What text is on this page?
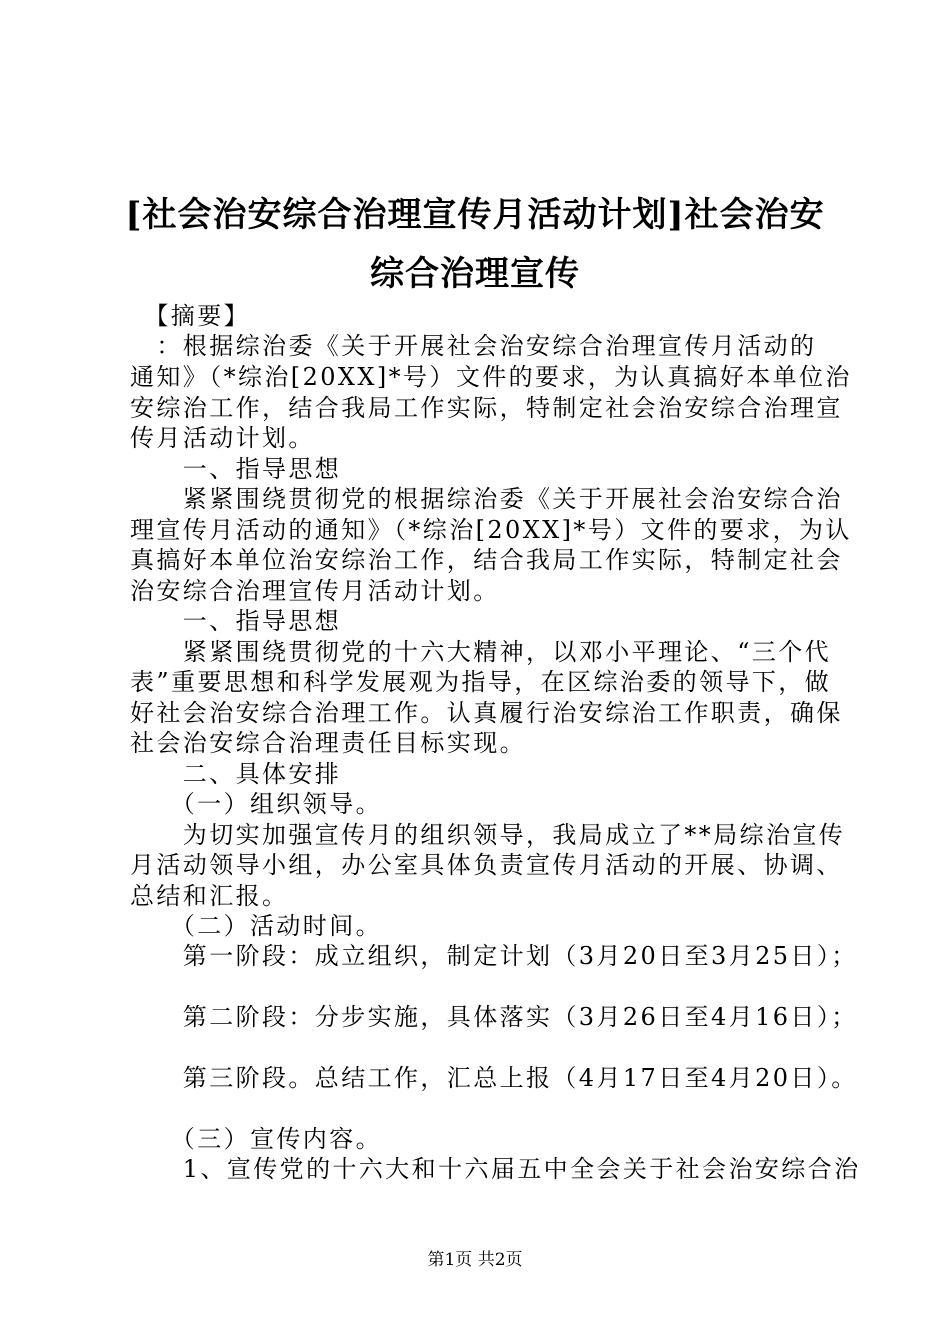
[社会治安综合治理宣传月活动计划]社会治安
综合治理宣传
　【摘要】
　：根据综治委《关于开展社会治安综合治理宣传月活动的
通知》（*综治[20XX]*号）文件的要求，为认真搞好本单位治
安综治工作，结合我局工作实际，特制定社会治安综合治理宣
传月活动计划。
　　一、指导思想
　　紧紧围绕贯彻党的根据综治委《关于开展社会治安综合治
理宣传月活动的通知》（*综治[20XX]*号）文件的要求，为认
真搞好本单位治安综治工作，结合我局工作实际，特制定社会
治安综合治理宣传月活动计划。
　　一、指导思想
　　紧紧围绕贯彻党的十六大精神，以邓小平理论、“三个代
表”重要思想和科学发展观为指导，在区综治委的领导下，做
好社会治安综合治理工作。认真履行治安综治工作职责，确保
社会治安综合治理责任目标实现。
　　二、具体安排
　　（一）组织领导。
　　为切实加强宣传月的组织领导，我局成立了**局综治宣传
月活动领导小组，办公室具体负责宣传月活动的开展、协调、
总结和汇报。
　　（二）活动时间。
　　第一阶段：成立组织，制定计划（3月20日至3月25日）；
　　第二阶段：分步实施，具体落实（3月26日至4月16日）；
　　第三阶段。总结工作，汇总上报（4月17日至4月20日）。
　　（三）宣传内容。
　　1、宣传党的十六大和十六届五中全会关于社会治安综合治
第1页 共2页
